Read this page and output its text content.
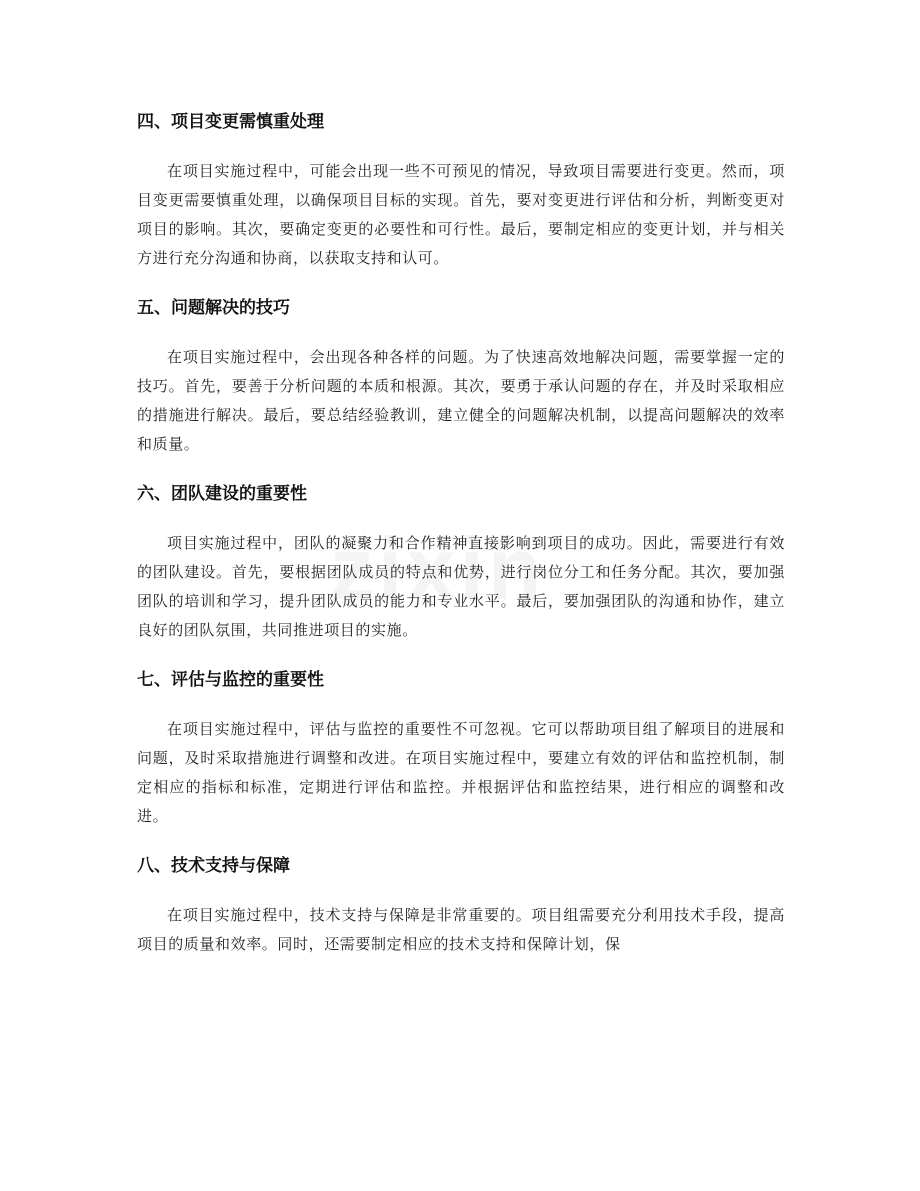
四、项目变更需慎重处理

在项目实施过程中，可能会出现一些不可预见的情况，导致项目需要进行变更。然而，项目变更需要慎重处理，以确保项目目标的实现。首先，要对变更进行评估和分析，判断变更对项目的影响。其次，要确定变更的必要性和可行性。最后，要制定相应的变更计划，并与相关方进行充分沟通和协商，以获取支持和认可。

五、问题解决的技巧

在项目实施过程中，会出现各种各样的问题。为了快速高效地解决问题，需要掌握一定的技巧。首先，要善于分析问题的本质和根源。其次，要勇于承认问题的存在，并及时采取相应的措施进行解决。最后，要总结经验教训，建立健全的问题解决机制，以提高问题解决的效率和质量。

六、团队建设的重要性

项目实施过程中，团队的凝聚力和合作精神直接影响到项目的成功。因此，需要进行有效的团队建设。首先，要根据团队成员的特点和优势，进行岗位分工和任务分配。其次，要加强团队的培训和学习，提升团队成员的能力和专业水平。最后，要加强团队的沟通和协作，建立良好的团队氛围，共同推进项目的实施。

七、评估与监控的重要性

在项目实施过程中，评估与监控的重要性不可忽视。它可以帮助项目组了解项目的进展和问题，及时采取措施进行调整和改进。在项目实施过程中，要建立有效的评估和监控机制，制定相应的指标和标准，定期进行评估和监控。并根据评估和监控结果，进行相应的调整和改进。

八、技术支持与保障

在项目实施过程中，技术支持与保障是非常重要的。项目组需要充分利用技术手段，提高项目的质量和效率。同时，还需要制定相应的技术支持和保障计划，保
